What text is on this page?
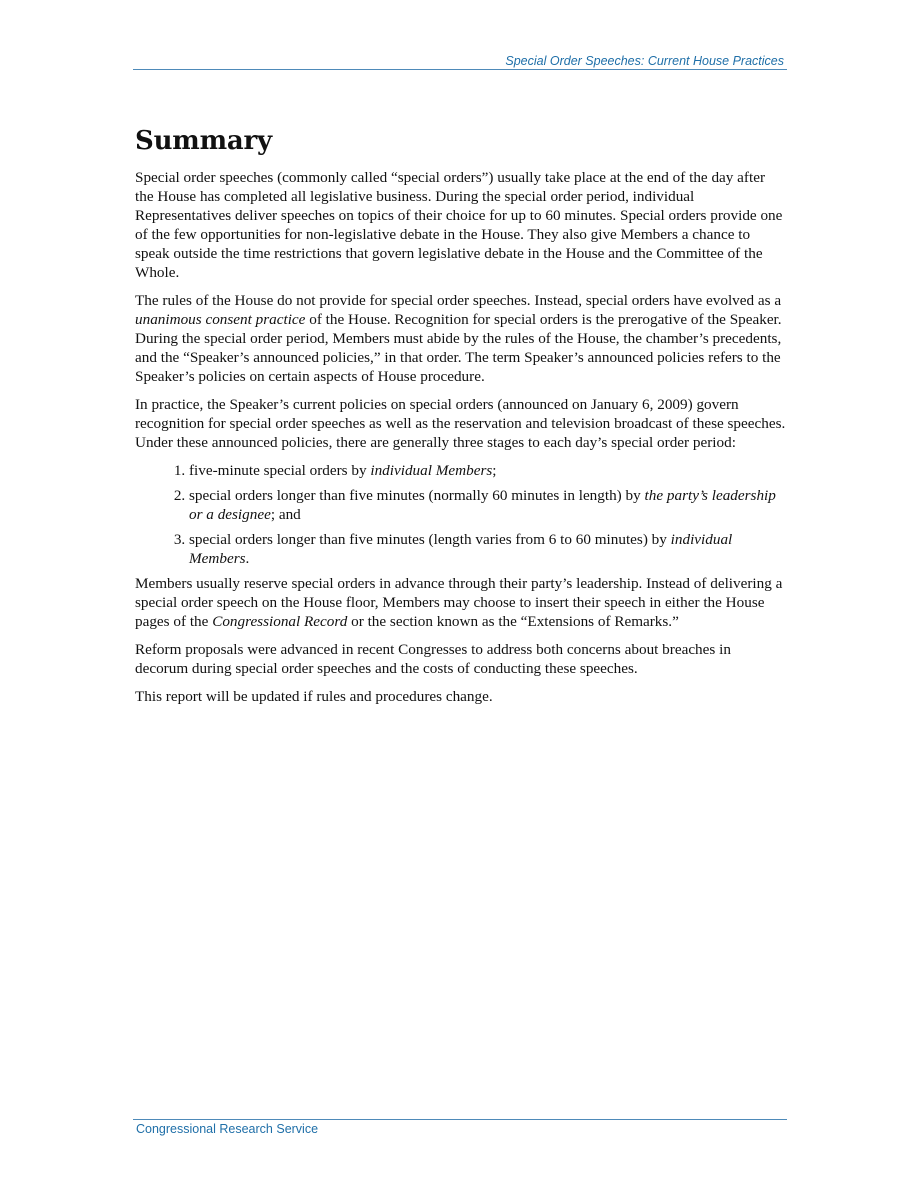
Special Order Speeches: Current House Practices
Summary

Special order speeches (commonly called “special orders”) usually take place at the end of the day after the House has completed all legislative business. During the special order period, individual Representatives deliver speeches on topics of their choice for up to 60 minutes. Special orders provide one of the few opportunities for non-legislative debate in the House. They also give Members a chance to speak outside the time restrictions that govern legislative debate in the House and the Committee of the Whole.

The rules of the House do not provide for special order speeches. Instead, special orders have evolved as a unanimous consent practice of the House. Recognition for special orders is the prerogative of the Speaker. During the special order period, Members must abide by the rules of the House, the chamber’s precedents, and the “Speaker’s announced policies,” in that order. The term Speaker’s announced policies refers to the Speaker’s policies on certain aspects of House procedure.

In practice, the Speaker’s current policies on special orders (announced on January 6, 2009) govern recognition for special order speeches as well as the reservation and television broadcast of these speeches. Under these announced policies, there are generally three stages to each day’s special order period:

1. five-minute special orders by individual Members;
2. special orders longer than five minutes (normally 60 minutes in length) by the party’s leadership or a designee; and
3. special orders longer than five minutes (length varies from 6 to 60 minutes) by individual Members.

Members usually reserve special orders in advance through their party’s leadership. Instead of delivering a special order speech on the House floor, Members may choose to insert their speech in either the House pages of the Congressional Record or the section known as the “Extensions of Remarks.”

Reform proposals were advanced in recent Congresses to address both concerns about breaches in decorum during special order speeches and the costs of conducting these speeches.

This report will be updated if rules and procedures change.

Congressional Research Service
